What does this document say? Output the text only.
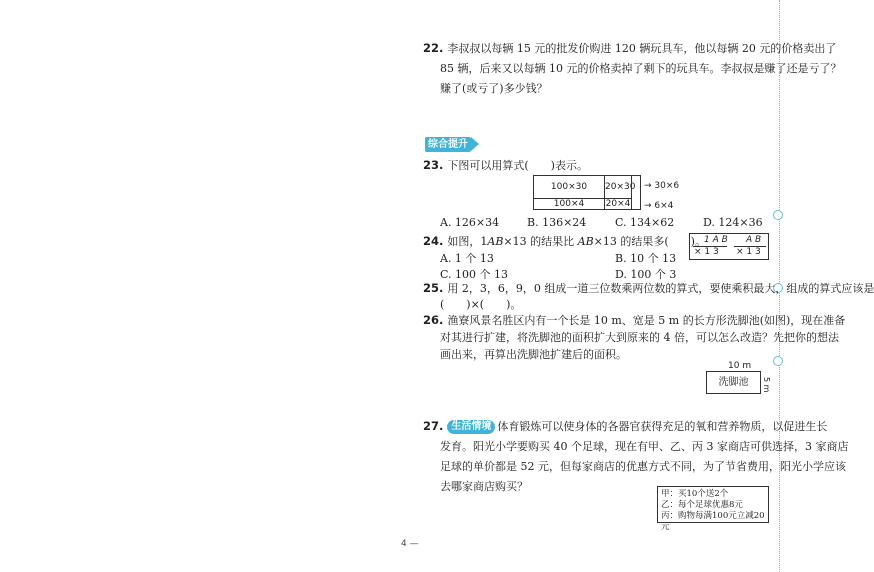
22. 李叔叔以每辆 15 元的批发价购进 120 辆玩具车，他以每辆 20 元的价格卖出了
85 辆，后来又以每辆 10 元的价格卖掉了剩下的玩具车。李叔叔是赚了还是亏了？
赚了(或亏了)多少钱？
综合提升
23. 下图可以用算式(　　)表示。
100×30	20×30
100×4	20×4
→ 30×6
→ 6×4
A. 126×34	B. 136×24	C. 134×62	D. 124×36
24. 如图，1AB×13 的结果比 AB×13 的结果多(　　)。
A. 1 个 13	B. 10 个 13
C. 100 个 13	D. 100 个 3
1 A B
× 1 3
A B
× 1 3
25. 用 2，3，6，9，0 组成一道三位数乘两位数的算式，要使乘积最大，组成的算式应该是
(　　)×(　　)。
26. 渔寮风景名胜区内有一个长是 10 m、宽是 5 m 的长方形洗脚池(如图)，现在准备
对其进行扩建，将洗脚池的面积扩大到原来的 4 倍，可以怎么改造？先把你的想法
画出来，再算出洗脚池扩建后的面积。
10 m
洗脚池	5 m
27. 生活情境 体育锻炼可以使身体的各器官获得充足的氧和营养物质，以促进生长
发育。阳光小学要购买 40 个足球，现在有甲、乙、丙 3 家商店可供选择，3 家商店
足球的单价都是 52 元，但每家商店的优惠方式不同，为了节省费用，阳光小学应该
去哪家商店购买？
甲：买10个送2个
乙：每个足球优惠8元
丙：购物每满100元立减20元
4 —
